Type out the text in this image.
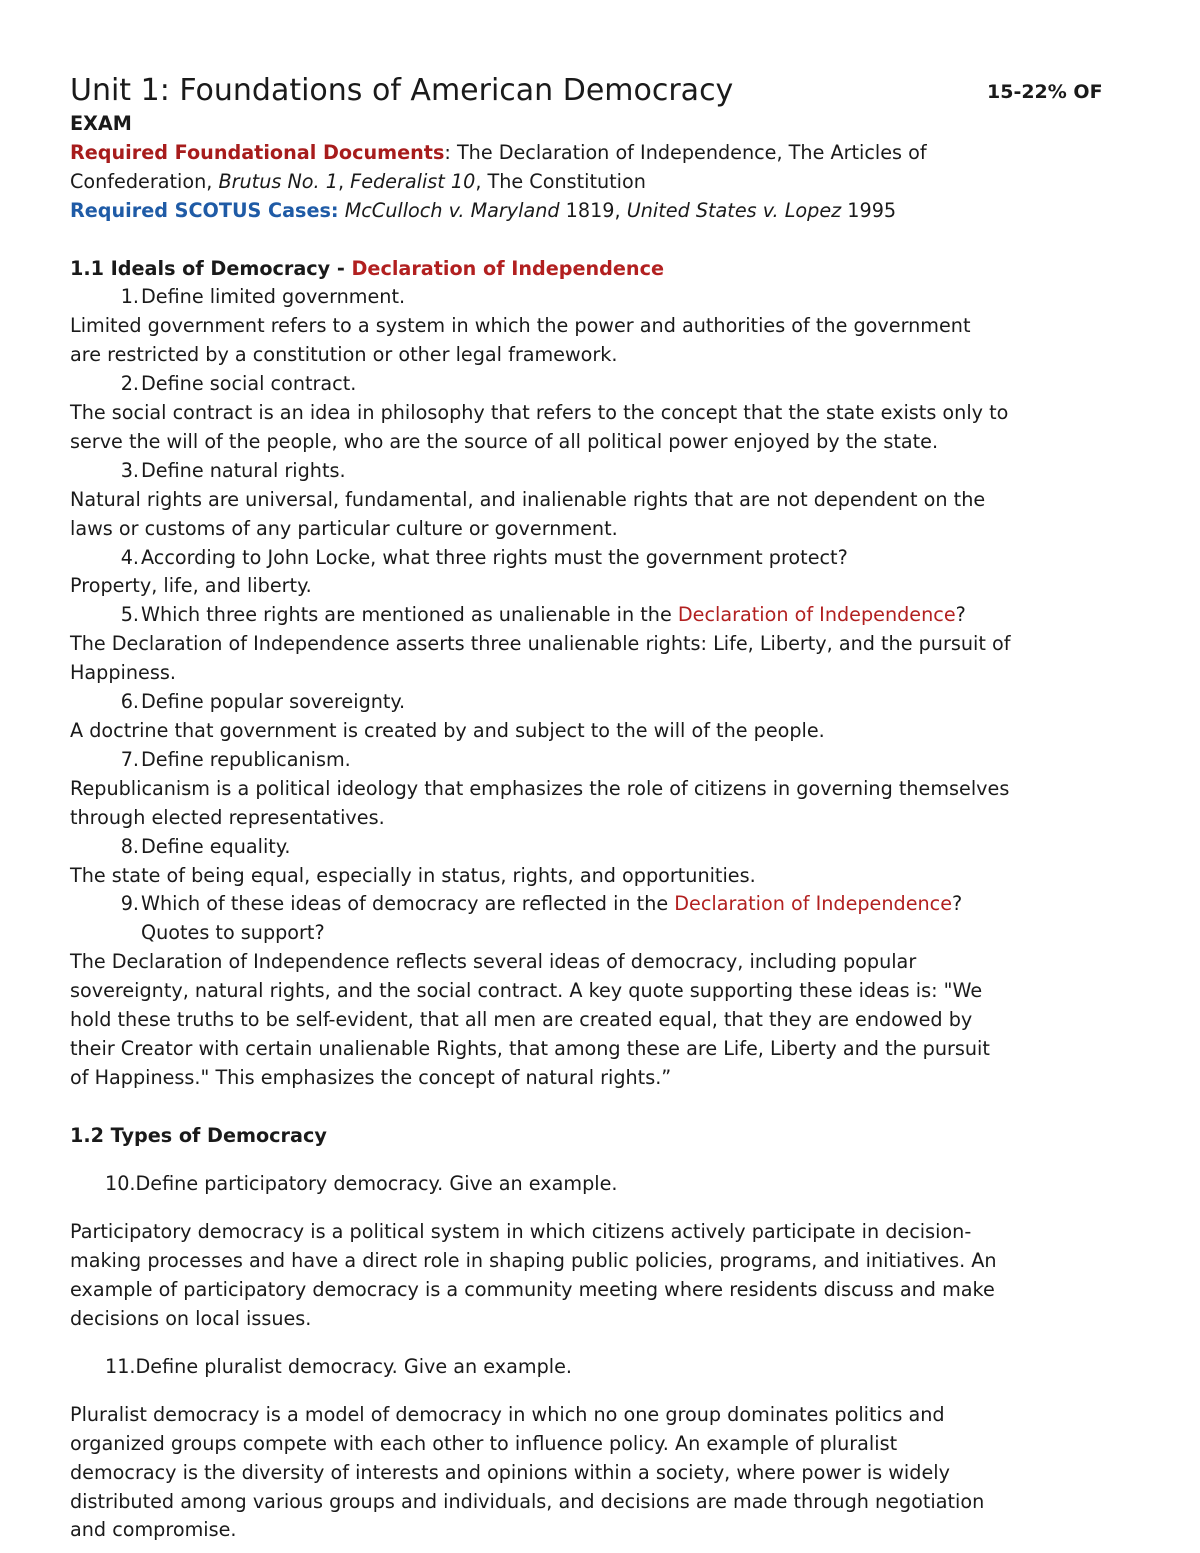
Unit 1: Foundations of American Democracy	15-22% OF

EXAM

Required Foundational Documents: The Declaration of Independence, The Articles of

Confederation, Brutus No. 1, Federalist 10, The Constitution

Required SCOTUS Cases: McCulloch v. Maryland 1819, United States v. Lopez 1995

1.1 Ideals of Democracy - Declaration of Independence

1. Define limited government.

Limited government refers to a system in which the power and authorities of the government

are restricted by a constitution or other legal framework.

2. Define social contract.

The social contract is an idea in philosophy that refers to the concept that the state exists only to

serve the will of the people, who are the source of all political power enjoyed by the state.

3. Define natural rights.

Natural rights are universal, fundamental, and inalienable rights that are not dependent on the

laws or customs of any particular culture or government.

4. According to John Locke, what three rights must the government protect?

Property, life, and liberty.

5. Which three rights are mentioned as unalienable in the Declaration of Independence?

The Declaration of Independence asserts three unalienable rights: Life, Liberty, and the pursuit of

Happiness.

6. Define popular sovereignty.

A doctrine that government is created by and subject to the will of the people.

7. Define republicanism.

Republicanism is a political ideology that emphasizes the role of citizens in governing themselves

through elected representatives.

8. Define equality.

The state of being equal, especially in status, rights, and opportunities.

9. Which of these ideas of democracy are reflected in the Declaration of Independence?

Quotes to support?

The Declaration of Independence reflects several ideas of democracy, including popular

sovereignty, natural rights, and the social contract. A key quote supporting these ideas is: "We

hold these truths to be self-evident, that all men are created equal, that they are endowed by

their Creator with certain unalienable Rights, that among these are Life, Liberty and the pursuit

of Happiness." This emphasizes the concept of natural rights.”

1.2 Types of Democracy

10.Define participatory democracy. Give an example.

Participatory democracy is a political system in which citizens actively participate in decision-

making processes and have a direct role in shaping public policies, programs, and initiatives. An

example of participatory democracy is a community meeting where residents discuss and make

decisions on local issues.

11.Define pluralist democracy. Give an example.

Pluralist democracy is a model of democracy in which no one group dominates politics and

organized groups compete with each other to influence policy. An example of pluralist

democracy is the diversity of interests and opinions within a society, where power is widely

distributed among various groups and individuals, and decisions are made through negotiation

and compromise.
